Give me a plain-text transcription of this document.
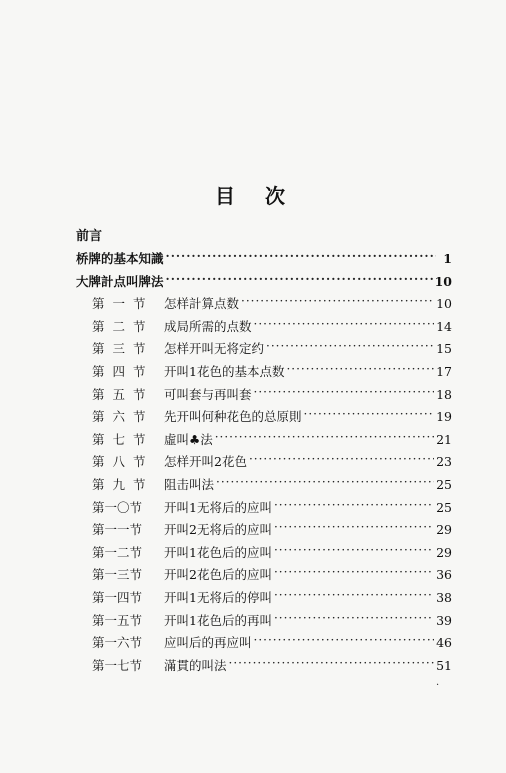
目次
前言
桥牌的基本知識 ·····	1
大牌計点叫牌法 ·····	10
第一节 怎样計算点数 ·····	10
第二节 成局所需的点数 ·····	14
第三节 怎样开叫无将定约 ·····	15
第四节 开叫1花色的基本点数 ·····	17
第五节 可叫套与再叫套 ·····	18
第六节 先开叫何种花色的总原則 ·····	19
第七节 虛叫♣法 ·····	21
第八节 怎样开叫2花色 ·····	23
第九节 阻击叫法 ·····	25
第一〇节	开叫1无将后的应叫 ·····	25
第一一节	开叫2无将后的应叫 ·····	29
第一二节	开叫1花色后的应叫 ·····	29
第一三节	开叫2花色后的应叫 ·····	36
第一四节	开叫1无将后的停叫 ·····	38
第一五节	开叫1花色后的再叫 ·····	39
第一六节	应叫后的再应叫 ·····	46
第一七节	滿貫的叫法 ·····	51
·
